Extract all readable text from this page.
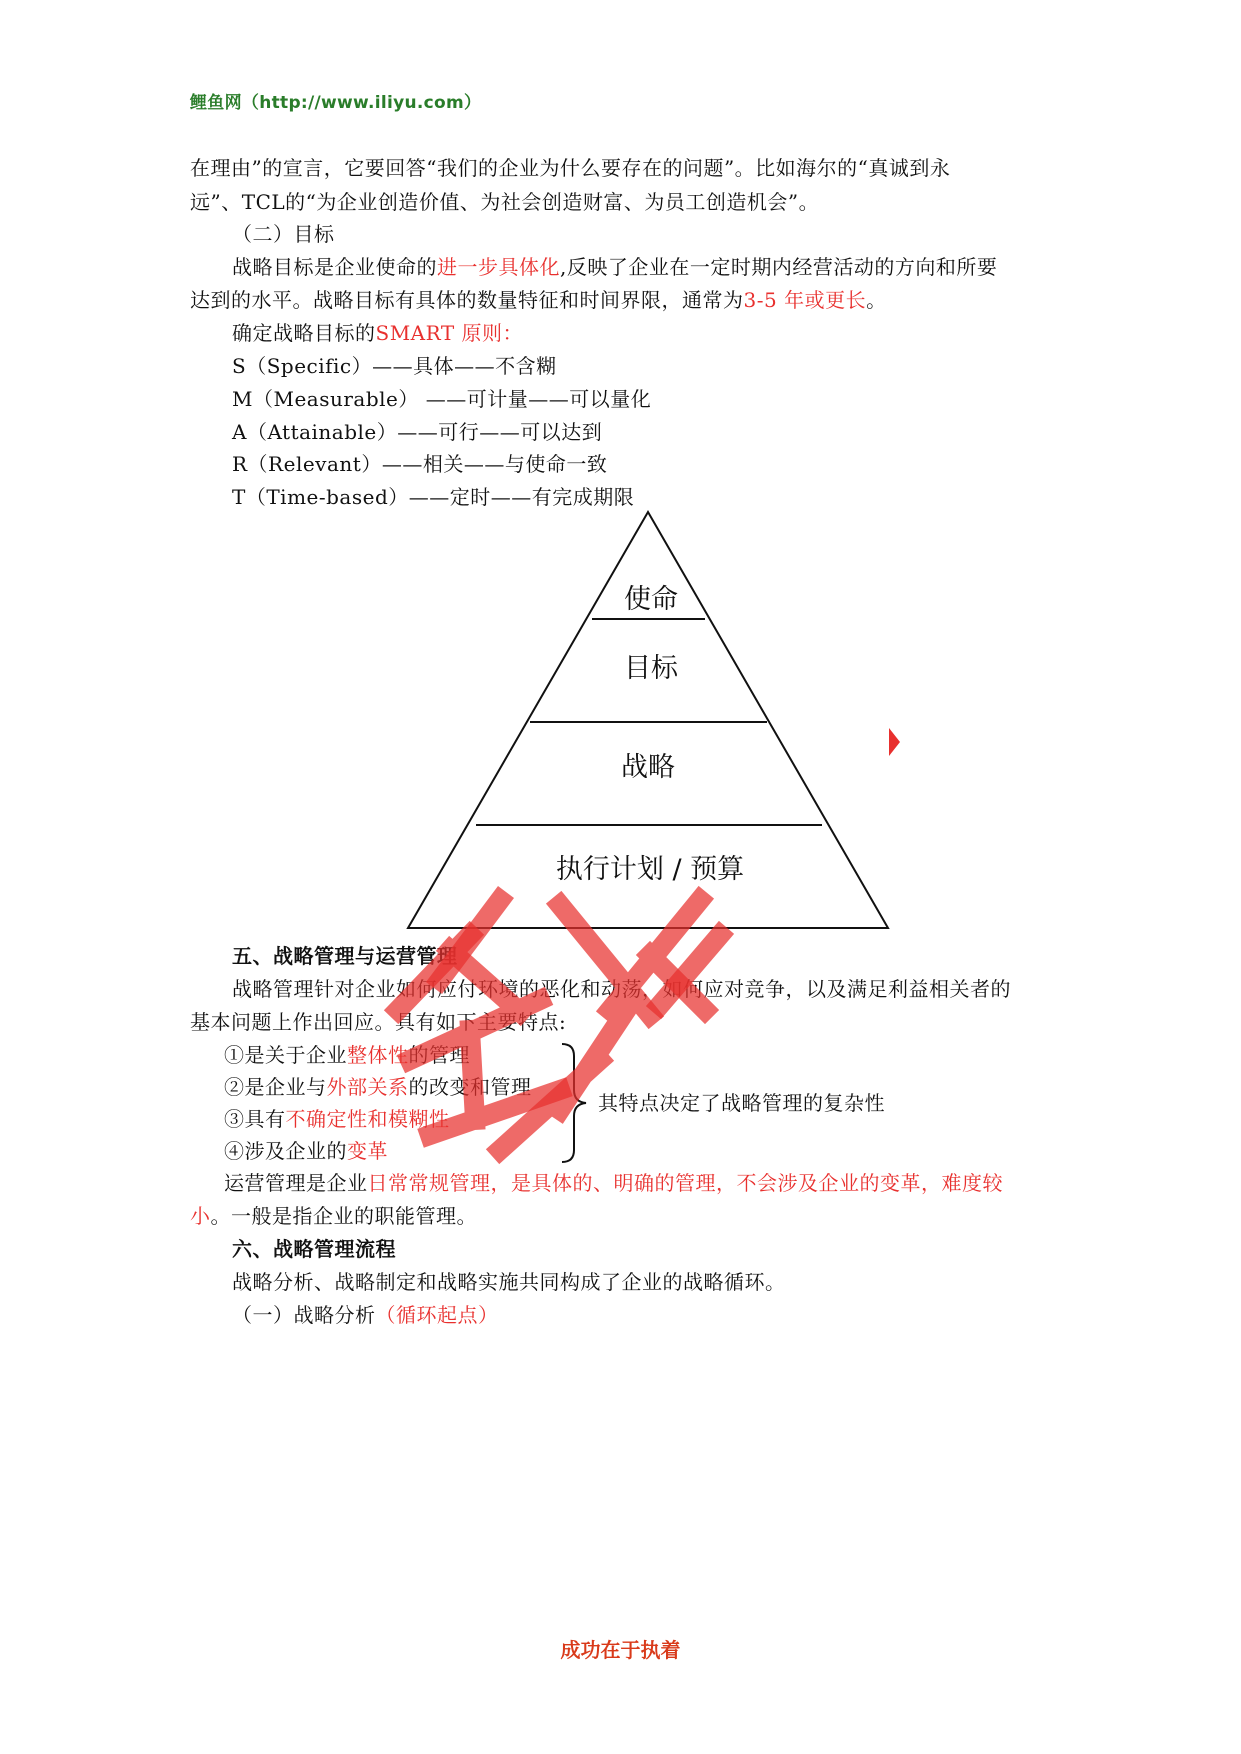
鲤鱼网（http://www.iliyu.com）
在理由”的宣言，它要回答“我们的企业为什么要存在的问题”。比如海尔的“真诚到永
远”、TCL的“为企业创造价值、为社会创造财富、为员工创造机会”。
（二）目标
战略目标是企业使命的进一步具体化,反映了企业在一定时期内经营活动的方向和所要
达到的水平。战略目标有具体的数量特征和时间界限，通常为3-5 年或更长。
确定战略目标的SMART 原则：
S（Specific）——具体——不含糊
M（Measurable） ——可计量——可以量化
A（Attainable）——可行——可以达到
R（Relevant）——相关——与使命一致
T（Time-based）——定时——有完成期限
使命
目标
战略
执行计划 / 预算
五、战略管理与运营管理
战略管理针对企业如何应付环境的恶化和动荡，如何应对竞争，以及满足利益相关者的
基本问题上作出回应。具有如下主要特点:
①是关于企业整体性的管理
②是企业与外部关系的改变和管理
③具有不确定性和模糊性
④涉及企业的变革
其特点决定了战略管理的复杂性
运营管理是企业日常常规管理，是具体的、明确的管理，不会涉及企业的变革，难度较
小。一般是指企业的职能管理。
六、战略管理流程
战略分析、战略制定和战略实施共同构成了企业的战略循环。
（一）战略分析（循环起点）
成功在于执着
